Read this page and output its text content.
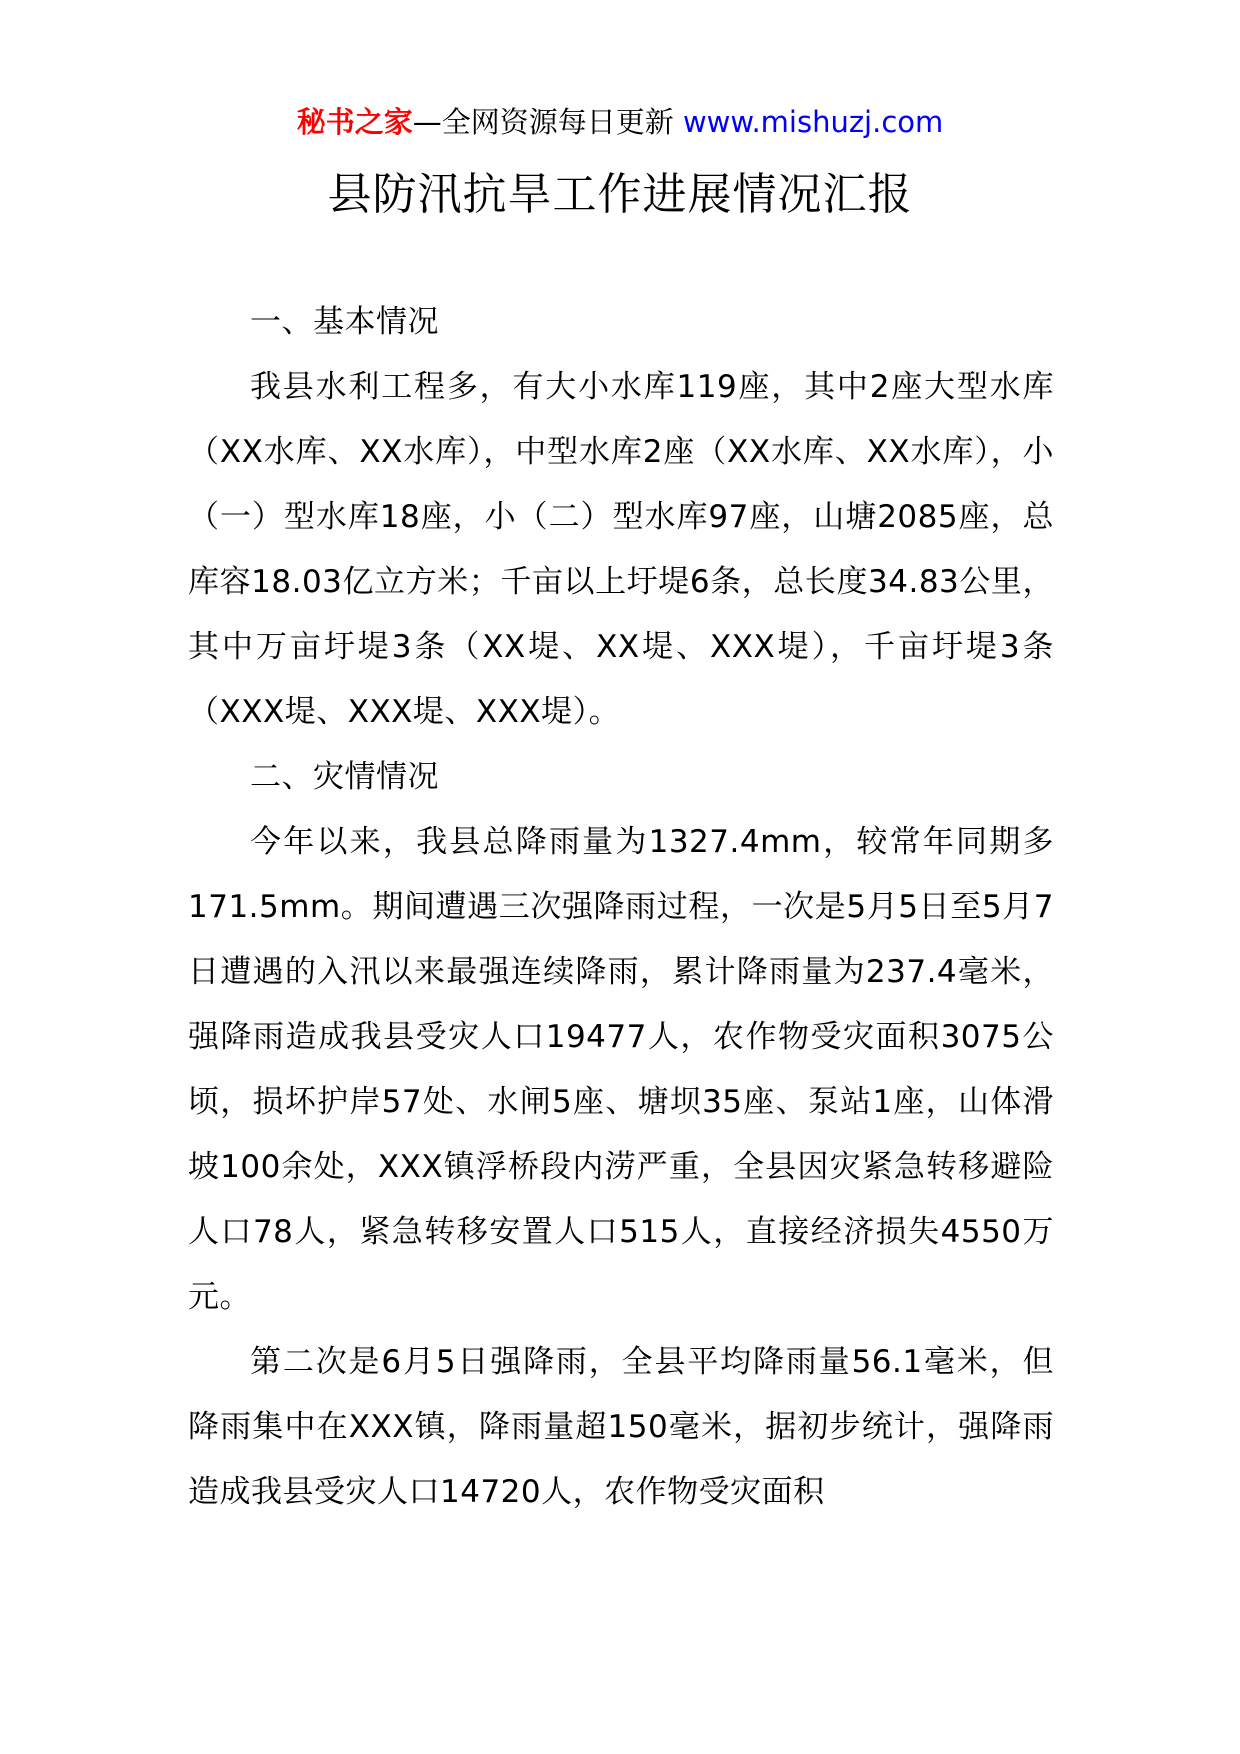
秘书之家—全网资源每日更新 www.mishuzj.com
县防汛抗旱工作进展情况汇报

一、基本情况

我县水利工程多，有大小水库119座，其中2座大型水库（XX水库、XX水库），中型水库2座（XX水库、XX水库），小（一）型水库18座，小（二）型水库97座，山塘2085座，总库容18.03亿立方米；千亩以上圩堤6条，总长度34.83公里，其中万亩圩堤3条（XX堤、XX堤、XXX堤），千亩圩堤3条（XXX堤、XXX堤、XXX堤）。

二、灾情情况

今年以来，我县总降雨量为1327.4mm，较常年同期多171.5mm。期间遭遇三次强降雨过程，一次是5月5日至5月7日遭遇的入汛以来最强连续降雨，累计降雨量为237.4毫米，强降雨造成我县受灾人口19477人，农作物受灾面积3075公顷，损坏护岸57处、水闸5座、塘坝35座、泵站1座，山体滑坡100余处，XXX镇浮桥段内涝严重，全县因灾紧急转移避险人口78人，紧急转移安置人口515人，直接经济损失4550万元。

第二次是6月5日强降雨，全县平均降雨量56.1毫米，但降雨集中在XXX镇，降雨量超150毫米，据初步统计，强降雨造成我县受灾人口14720人，农作物受灾面积
